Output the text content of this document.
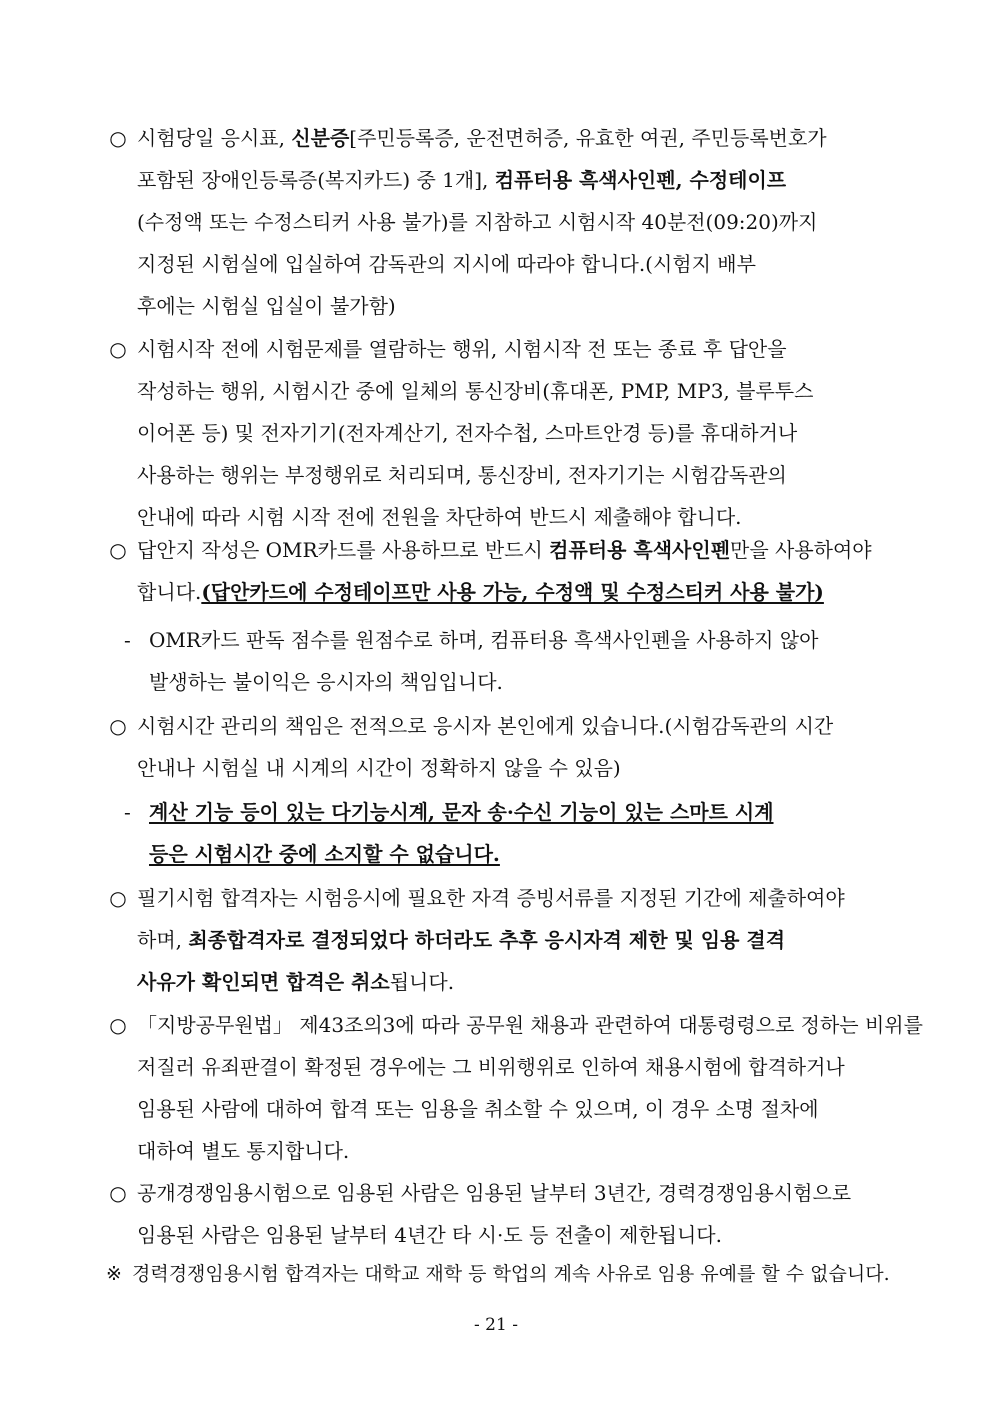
○ 시험당일 응시표, 신분증[주민등록증, 운전면허증, 유효한 여권, 주민등록번호가
포함된 장애인등록증(복지카드) 중 1개], 컴퓨터용 흑색사인펜, 수정테이프
(수정액 또는 수정스티커 사용 불가)를 지참하고 시험시작 40분전(09:20)까지
지정된 시험실에 입실하여 감독관의 지시에 따라야 합니다.(시험지 배부
후에는 시험실 입실이 불가함)
○ 시험시작 전에 시험문제를 열람하는 행위, 시험시작 전 또는 종료 후 답안을
작성하는 행위, 시험시간 중에 일체의 통신장비(휴대폰, PMP, MP3, 블루투스
이어폰 등) 및 전자기기(전자계산기, 전자수첩, 스마트안경 등)를 휴대하거나
사용하는 행위는 부정행위로 처리되며, 통신장비, 전자기기는 시험감독관의
안내에 따라 시험 시작 전에 전원을 차단하여 반드시 제출해야 합니다.
○ 답안지 작성은 OMR카드를 사용하므로 반드시 컴퓨터용 흑색사인펜만을 사용하여야
합니다.(답안카드에 수정테이프만 사용 가능, 수정액 및 수정스티커 사용 불가)
- OMR카드 판독 점수를 원점수로 하며, 컴퓨터용 흑색사인펜을 사용하지 않아
발생하는 불이익은 응시자의 책임입니다.
○ 시험시간 관리의 책임은 전적으로 응시자 본인에게 있습니다.(시험감독관의 시간
안내나 시험실 내 시계의 시간이 정확하지 않을 수 있음)
- 계산 기능 등이 있는 다기능시계, 문자 송·수신 기능이 있는 스마트 시계
등은 시험시간 중에 소지할 수 없습니다.
○ 필기시험 합격자는 시험응시에 필요한 자격 증빙서류를 지정된 기간에 제출하여야
하며, 최종합격자로 결정되었다 하더라도 추후 응시자격 제한 및 임용 결격
사유가 확인되면 합격은 취소됩니다.
○ 「지방공무원법」 제43조의3에 따라 공무원 채용과 관련하여 대통령령으로 정하는 비위를
저질러 유죄판결이 확정된 경우에는 그 비위행위로 인하여 채용시험에 합격하거나
임용된 사람에 대하여 합격 또는 임용을 취소할 수 있으며, 이 경우 소명 절차에
대하여 별도 통지합니다.
○ 공개경쟁임용시험으로 임용된 사람은 임용된 날부터 3년간, 경력경쟁임용시험으로
임용된 사람은 임용된 날부터 4년간 타 시·도 등 전출이 제한됩니다.
※ 경력경쟁임용시험 합격자는 대학교 재학 등 학업의 계속 사유로 임용 유예를 할 수 없습니다.
- 21 -
